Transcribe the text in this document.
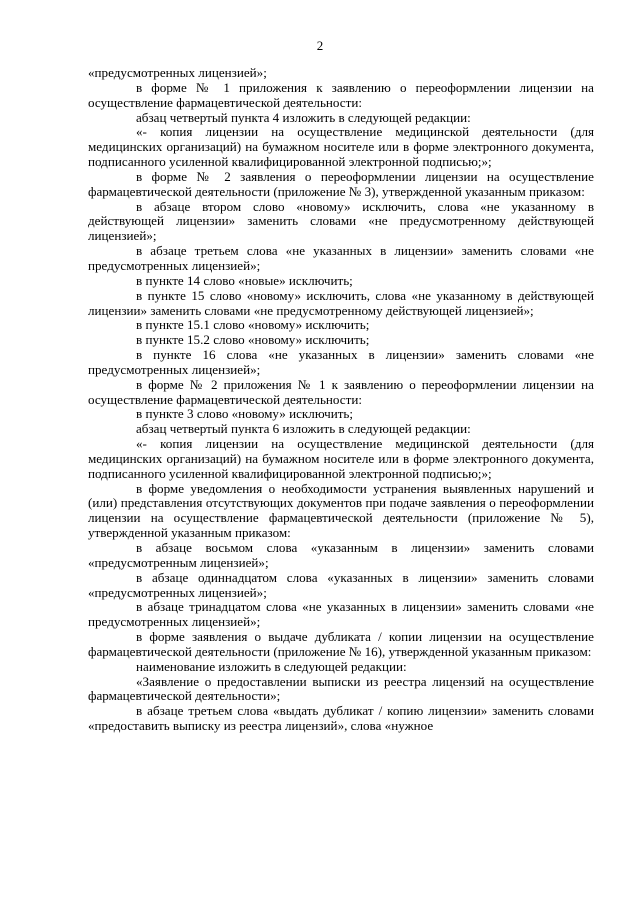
2

«предусмотренных лицензией»;

в форме № 1 приложения к заявлению о переоформлении лицензии на осуществление фармацевтической деятельности:

абзац четвертый пункта 4 изложить в следующей редакции:

«- копия лицензии на осуществление медицинской деятельности (для медицинских организаций) на бумажном носителе или в форме электронного документа, подписанного усиленной квалифицированной электронной подписью;»;

в форме № 2 заявления о переоформлении лицензии на осуществление фармацевтической деятельности (приложение № 3), утвержденной указанным приказом:

в абзаце втором слово «новому» исключить, слова «не указанному в действующей лицензии» заменить словами «не предусмотренному действующей лицензией»;

в абзаце третьем слова «не указанных в лицензии» заменить словами «не предусмотренных лицензией»;

в пункте 14 слово «новые» исключить;

в пункте 15 слово «новому» исключить, слова «не указанному в действующей лицензии» заменить словами «не предусмотренному действующей лицензией»;

в пункте 15.1 слово «новому» исключить;

в пункте 15.2 слово «новому» исключить;

в пункте 16 слова «не указанных в лицензии» заменить словами «не предусмотренных лицензией»;

в форме № 2 приложения № 1 к заявлению о переоформлении лицензии на осуществление фармацевтической деятельности:

в пункте 3 слово «новому» исключить;

абзац четвертый пункта 6 изложить в следующей редакции:

«- копия лицензии на осуществление медицинской деятельности (для медицинских организаций) на бумажном носителе или в форме электронного документа, подписанного усиленной квалифицированной электронной подписью;»;

в форме уведомления о необходимости устранения выявленных нарушений и (или) представления отсутствующих документов при подаче заявления о переоформлении лицензии на осуществление фармацевтической деятельности (приложение № 5), утвержденной указанным приказом:

в абзаце восьмом слова «указанным в лицензии» заменить словами «предусмотренным лицензией»;

в абзаце одиннадцатом слова «указанных в лицензии» заменить словами «предусмотренных лицензией»;

в абзаце тринадцатом слова «не указанных в лицензии» заменить словами «не предусмотренных лицензией»;

в форме заявления о выдаче дубликата / копии лицензии на осуществление фармацевтической деятельности (приложение № 16), утвержденной указанным приказом:

наименование изложить в следующей редакции:

«Заявление о предоставлении выписки из реестра лицензий на осуществление фармацевтической деятельности»;

в абзаце третьем слова «выдать дубликат / копию лицензии» заменить словами «предоставить выписку из реестра лицензий», слова «нужное
